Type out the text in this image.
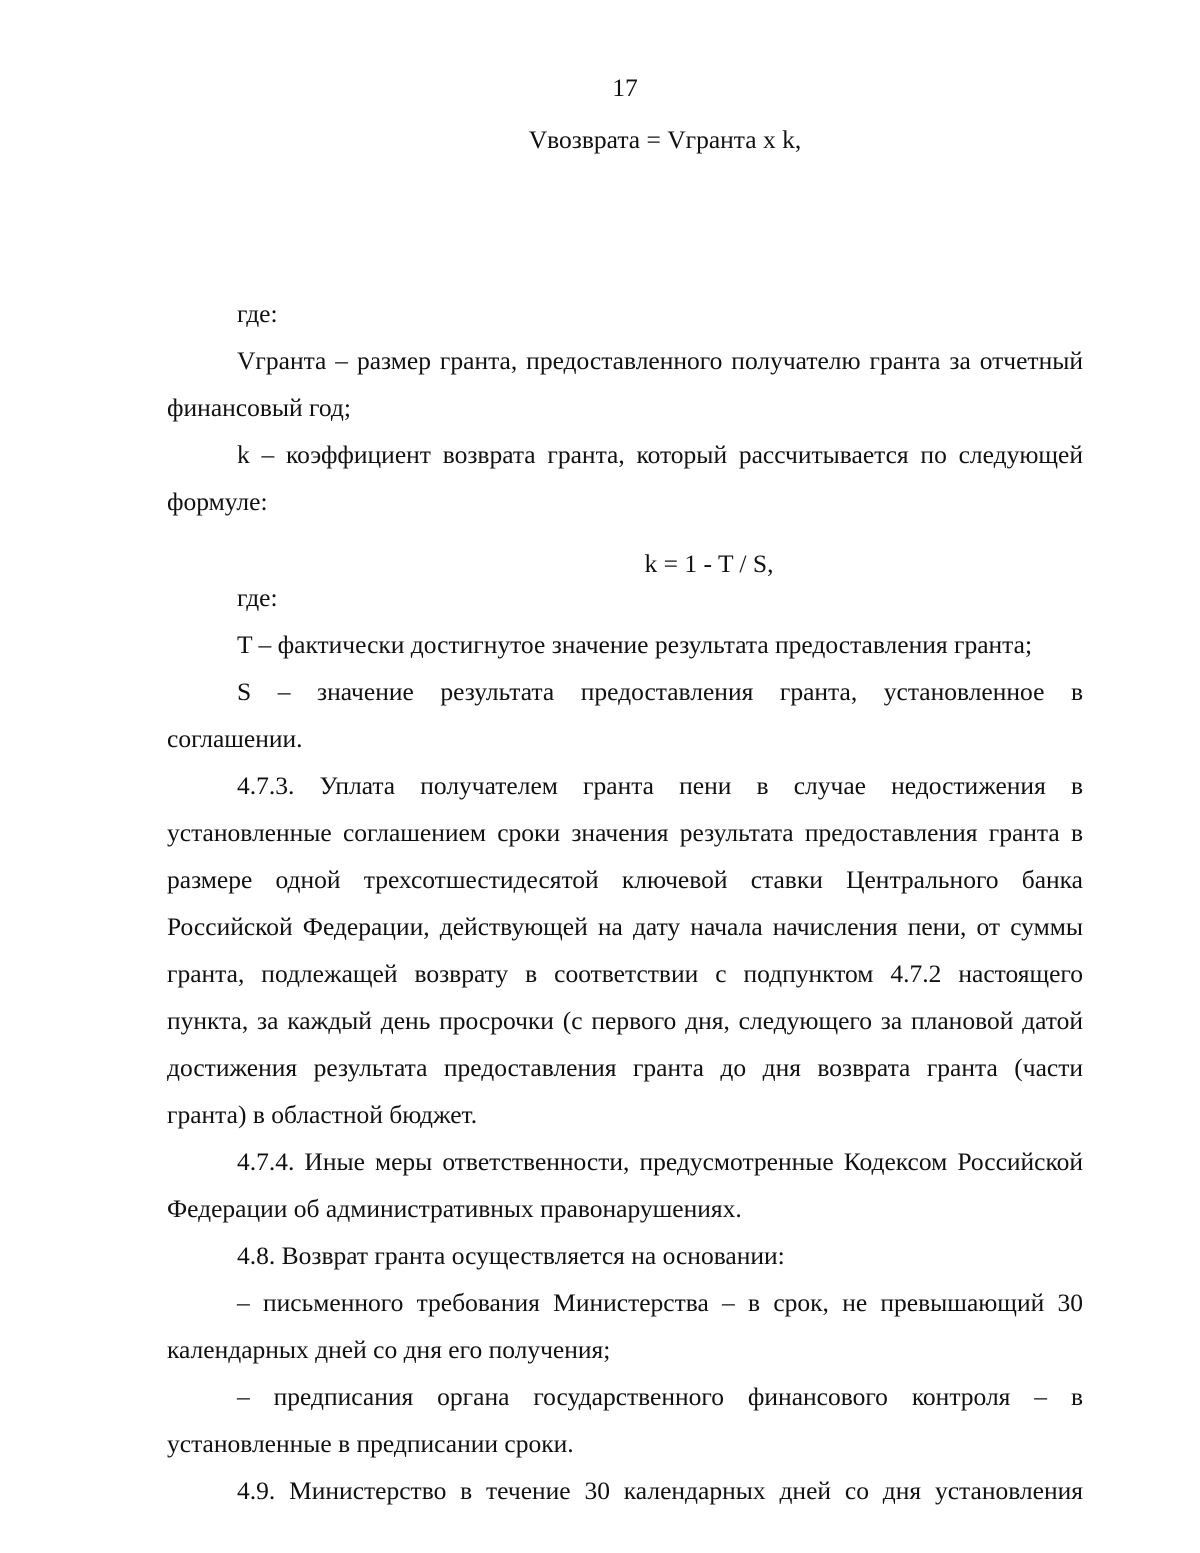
17
Vвозврата = Vгранта x k,

где:

Vгранта – размер гранта, предоставленного получателю гранта за отчетный финансовый год;

k – коэффициент возврата гранта, который рассчитывается по следующей формуле:

k = 1 - T / S,

где:

T – фактически достигнутое значение результата предоставления гранта;

S – значение результата предоставления гранта, установленное в соглашении.

4.7.3. Уплата получателем гранта пени в случае недостижения в установленные соглашением сроки значения результата предоставления гранта в размере одной трехсотшестидесятой ключевой ставки Центрального банка Российской Федерации, действующей на дату начала начисления пени, от суммы гранта, подлежащей возврату в соответствии с подпунктом 4.7.2 настоящего пункта, за каждый день просрочки (с первого дня, следующего за плановой датой достижения результата предоставления гранта до дня возврата гранта (части гранта) в областной бюджет.

4.7.4. Иные меры ответственности, предусмотренные Кодексом Российской Федерации об административных правонарушениях.

4.8. Возврат гранта осуществляется на основании:

– письменного требования Министерства – в срок, не превышающий 30 календарных дней со дня его получения;

– предписания органа государственного финансового контроля – в установленные в предписании сроки.

4.9. Министерство в течение 30 календарных дней со дня установления
